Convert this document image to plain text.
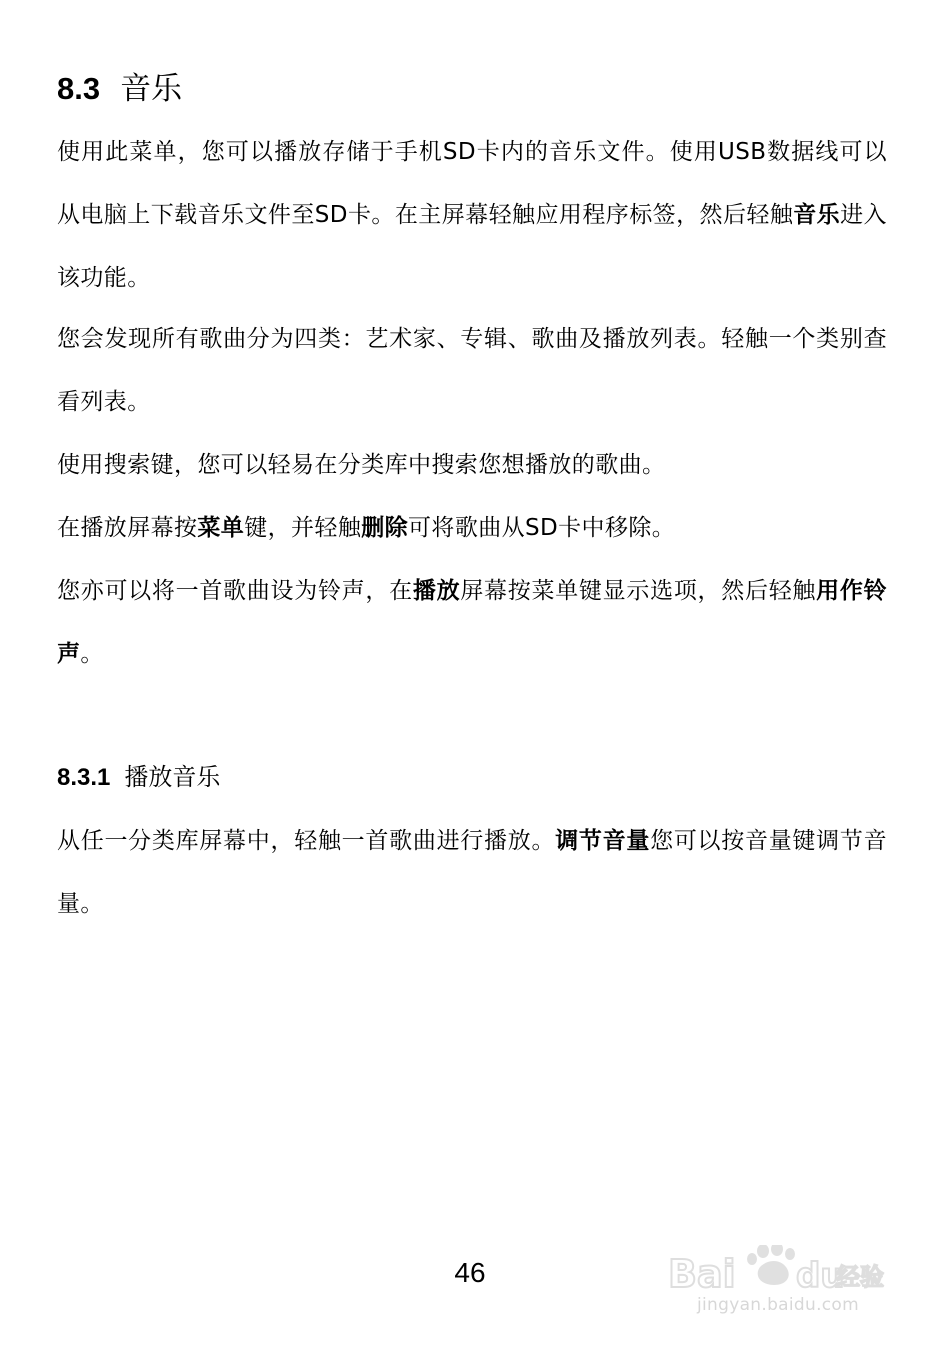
8.3 音乐

使用此菜单，您可以播放存储于手机SD卡内的音乐文件。使用USB数据线可以从电脑上下载音乐文件至SD卡。在主屏幕轻触应用程序标签，然后轻触音乐进入该功能。

您会发现所有歌曲分为四类：艺术家、专辑、歌曲及播放列表。轻触一个类别查看列表。

使用搜索键，您可以轻易在分类库中搜索您想播放的歌曲。

在播放屏幕按菜单键，并轻触删除可将歌曲从SD卡中移除。

您亦可以将一首歌曲设为铃声，在播放屏幕按菜单键显示选项，然后轻触用作铃声。

8.3.1 播放音乐

从任一分类库屏幕中，轻触一首歌曲进行播放。调节音量您可以按音量键调节音量。

46	Bai du
经验
jingyan.baidu.com
